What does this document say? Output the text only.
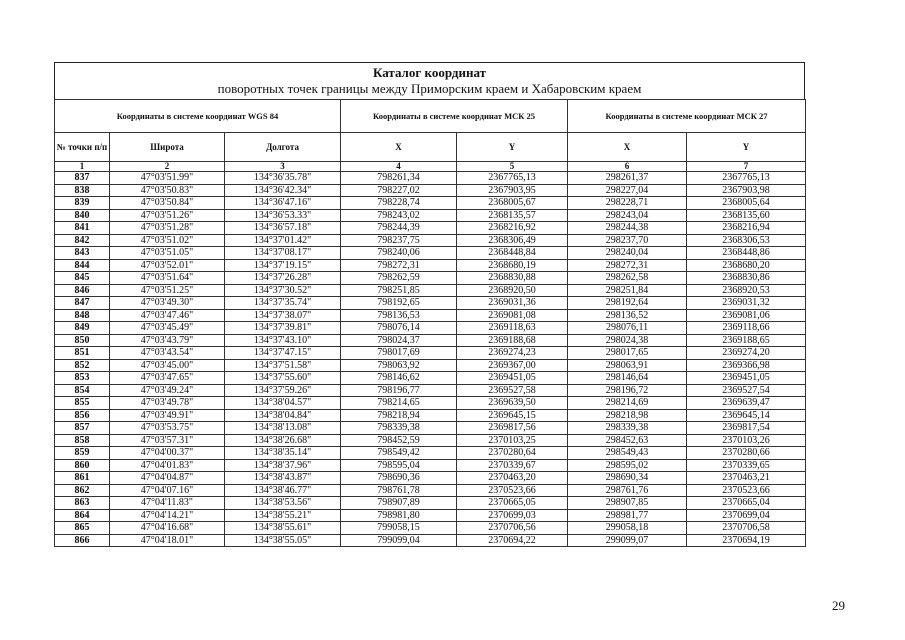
Каталог координат
поворотных точек границы между Приморским краем и Хабаровским краем
Координаты в системе координат WGS 84			Координаты в системе координат МСК 25		Координаты в системе координат МСК 27	
№ точки п/п	Широта	Долгота	X	Y	X	Y
1	2	3	4	5	6	7
837	47°03'51.99"	134°36'35.78"	798261,34	2367765,13	298261,37	2367765,13
838	47°03'50.83"	134°36'42.34"	798227,02	2367903,95	298227,04	2367903,98
839	47°03'50.84"	134°36'47.16"	798228,74	2368005,67	298228,71	2368005,64
840	47°03'51.26"	134°36'53.33"	798243,02	2368135,57	298243,04	2368135,60
841	47°03'51.28"	134°36'57.18"	798244,39	2368216,92	298244,38	2368216,94
842	47°03'51.02"	134°37'01.42"	798237,75	2368306,49	298237,70	2368306,53
843	47°03'51.05"	134°37'08.17"	798240,06	2368448,84	298240,04	2368448,86
844	47°03'52.01"	134°37'19.15"	798272,31	2368680,19	298272,31	2368680,20
845	47°03'51.64"	134°37'26.28"	798262,59	2368830,88	298262,58	2368830,86
846	47°03'51.25"	134°37'30.52"	798251,85	2368920,50	298251,84	2368920,53
847	47°03'49.30"	134°37'35.74"	798192,65	2369031,36	298192,64	2369031,32
848	47°03'47.46"	134°37'38.07"	798136,53	2369081,08	298136,52	2369081,06
849	47°03'45.49"	134°37'39.81"	798076,14	2369118,63	298076,11	2369118,66
850	47°03'43.79"	134°37'43.10"	798024,37	2369188,68	298024,38	2369188,65
851	47°03'43.54"	134°37'47.15"	798017,69	2369274,23	298017,65	2369274,20
852	47°03'45.00"	134°37'51.58"	798063,92	2369367,00	298063,91	2369366,98
853	47°03'47.65"	134°37'55.60"	798146,62	2369451,05	298146,64	2369451,05
854	47°03'49.24"	134°37'59.26"	798196,77	2369527,58	298196,72	2369527,54
855	47°03'49.78"	134°38'04.57"	798214,65	2369639,50	298214,69	2369639,47
856	47°03'49.91"	134°38'04.84"	798218,94	2369645,15	298218,98	2369645,14
857	47°03'53.75"	134°38'13.08"	798339,38	2369817,56	298339,38	2369817,54
858	47°03'57.31"	134°38'26.68"	798452,59	2370103,25	298452,63	2370103,26
859	47°04'00.37"	134°38'35.14"	798549,42	2370280,64	298549,43	2370280,66
860	47°04'01.83"	134°38'37.96"	798595,04	2370339,67	298595,02	2370339,65
861	47°04'04.87"	134°38'43.87"	798690,36	2370463,20	298690,34	2370463,21
862	47°04'07.16"	134°38'46.77"	798761,78	2370523,66	298761,76	2370523,66
863	47°04'11.83"	134°38'53.56"	798907,89	2370665,05	298907,85	2370665,04
864	47°04'14.21"	134°38'55.21"	798981,80	2370699,03	298981,77	2370699,04
865	47°04'16.68"	134°38'55.61"	799058,15	2370706,56	299058,18	2370706,58
866	47°04'18.01"	134°38'55.05"	799099,04	2370694,22	299099,07	2370694,19
29
